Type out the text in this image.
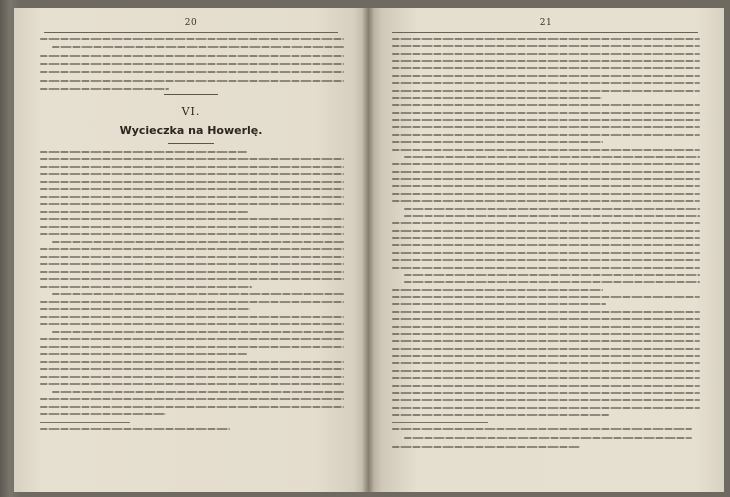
20
VI.
Wycieczka na Howerlę.
21
